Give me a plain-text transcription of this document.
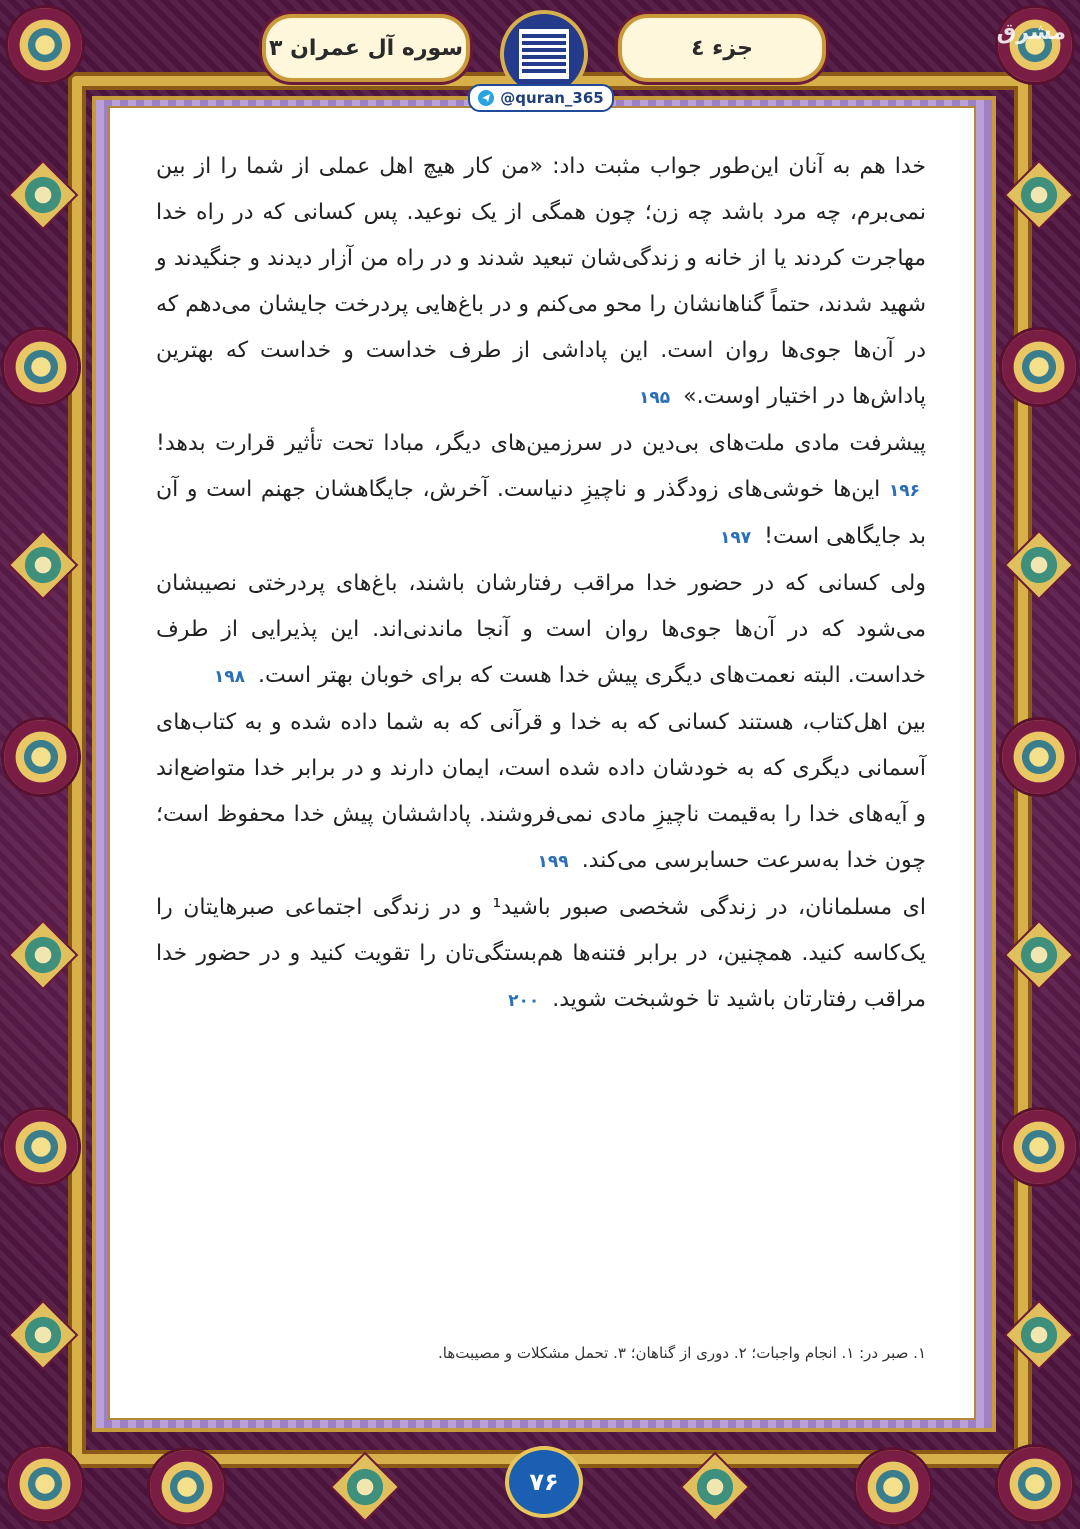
سوره آل عمران ۳	جزء ٤
مشرق

خدا هم به آنان این‌طور جواب مثبت داد: «من کار هیچ اهل عملی از شما را از بین نمی‌برم، چه مرد باشد چه زن؛ چون همگی از یک نوعید. پس کسانی که در راه خدا مهاجرت کردند یا از خانه و زندگی‌شان تبعید شدند و در راه من آزار دیدند و جنگیدند و شهید شدند، حتماً گناهانشان را محو می‌کنم و در باغ‌هایی پردرخت جایشان می‌دهم که در آن‌ها جوی‌ها روان است. این پاداشی از طرف خداست و خداست که بهترین پاداش‌ها در اختیار اوست.» ۱۹۵

پیشرفت مادی ملت‌های بی‌دین در سرزمین‌های دیگر، مبادا تحت تأثیر قرارت بدهد! ۱۹۶ این‌ها خوشی‌های زودگذر و ناچیزِ دنیاست. آخرش، جایگاهشان جهنم است و آن بد جایگاهی است! ۱۹۷

ولی کسانی که در حضور خدا مراقب رفتارشان باشند، باغ‌های پردرختی نصیبشان می‌شود که در آن‌ها جوی‌ها روان است و آنجا ماندنی‌اند. این پذیرایی از طرف خداست. البته نعمت‌های دیگری پیش خدا هست که برای خوبان بهتر است. ۱۹۸

بین اهل‌کتاب، هستند کسانی که به خدا و قرآنی که به شما داده شده و به کتاب‌های آسمانی دیگری که به خودشان داده شده است، ایمان دارند و در برابر خدا متواضع‌اند و آیه‌های خدا را به‌قیمت ناچیزِ مادی نمی‌فروشند. پاداششان پیش خدا محفوظ است؛ چون خدا به‌سرعت حسابرسی می‌کند. ۱۹۹

ای مسلمانان، در زندگی شخصی صبور باشید¹ و در زندگی اجتماعی صبرهایتان را یک‌کاسه کنید. همچنین، در برابر فتنه‌ها هم‌بستگی‌تان را تقویت کنید و در حضور خدا مراقب رفتارتان باشید تا خوشبخت شوید. ۲۰۰

۱. صبر در: ۱. انجام واجبات؛ ۲. دوری از گناهان؛ ۳. تحمل مشکلات و مصیبت‌ها.
@quran_365
۷۶
